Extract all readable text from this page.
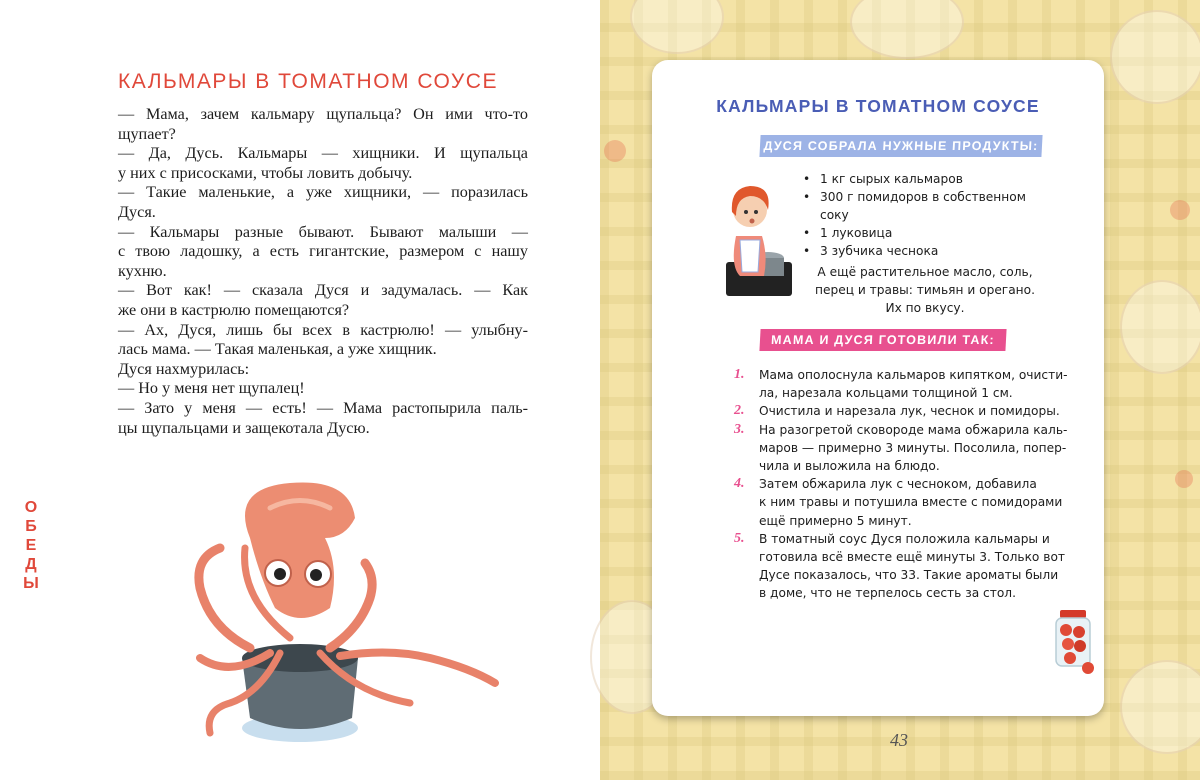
КАЛЬМАРЫ В ТОМАТНОМ СОУСЕ
— Мама, зачем кальмару щупальца? Он ими что-то
щупает?
— Да, Дусь. Кальмары — хищники. И щупальца
у них с присосками, чтобы ловить добычу.
— Такие маленькие, а уже хищники, — поразилась
Дуся.
— Кальмары разные бывают. Бывают малыши —
с твою ладошку, а есть гигантские, размером с нашу
кухню.
— Вот как! — сказала Дуся и задумалась. — Как
же они в кастрюлю помещаются?
— Ах, Дуся, лишь бы всех в кастрюлю! — улыбну-
лась мама. — Такая маленькая, а уже хищник.
Дуся нахмурилась:
— Но у меня нет щупалец!
— Зато у меня — есть! — Мама растопырила паль-
цы щупальцами и защекотала Дусю.
О
Б
Е
Д
Ы
43
КАЛЬМАРЫ В ТОМАТНОМ СОУСЕ
ДУСЯ СОБРАЛА НУЖНЫЕ ПРОДУКТЫ:
• 1 кг сырых кальмаров
• 300 г помидоров в собственном соку
• 1 луковица
• 3 зубчика чеснока
А ещё растительное масло, соль,
перец и травы: тимьян и орегано.
Их по вкусу.
МАМА И ДУСЯ ГОТОВИЛИ ТАК:
1. Мама ополоснула кальмаров кипятком, очисти-
ла, нарезала кольцами толщиной 1 см.
2. Очистила и нарезала лук, чеснок и помидоры.
3. На разогретой сковороде мама обжарила каль-
маров — примерно 3 минуты. Посолила, попер-
чила и выложила на блюдо.
4. Затем обжарила лук с чесноком, добавила
к ним травы и потушила вместе с помидорами
ещё примерно 5 минут.
5. В томатный соус Дуся положила кальмары и
готовила всё вместе ещё минуты 3. Только вот
Дусе показалось, что 33. Такие ароматы были
в доме, что не терпелось сесть за стол.
